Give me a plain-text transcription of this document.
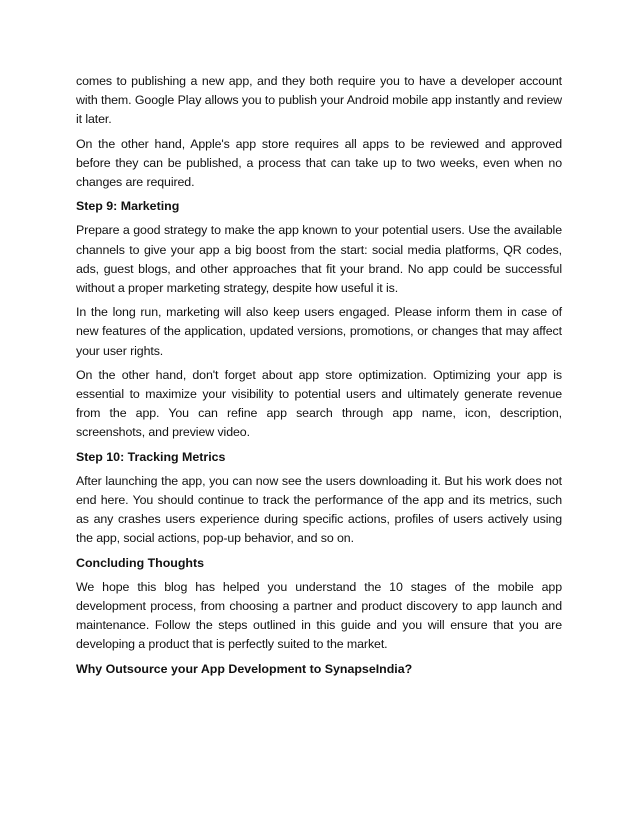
comes to publishing a new app, and they both require you to have a developer account with them. Google Play allows you to publish your Android mobile app instantly and review it later.

On the other hand, Apple's app store requires all apps to be reviewed and approved before they can be published, a process that can take up to two weeks, even when no changes are required.

Step 9: Marketing

Prepare a good strategy to make the app known to your potential users. Use the available channels to give your app a big boost from the start: social media platforms, QR codes, ads, guest blogs, and other approaches that fit your brand. No app could be successful without a proper marketing strategy, despite how useful it is.

In the long run, marketing will also keep users engaged. Please inform them in case of new features of the application, updated versions, promotions, or changes that may affect your user rights.

On the other hand, don't forget about app store optimization. Optimizing your app is essential to maximize your visibility to potential users and ultimately generate revenue from the app. You can refine app search through app name, icon, description, screenshots, and preview video.

Step 10: Tracking Metrics

After launching the app, you can now see the users downloading it. But his work does not end here. You should continue to track the performance of the app and its metrics, such as any crashes users experience during specific actions, profiles of users actively using the app, social actions, pop-up behavior, and so on.

Concluding Thoughts

We hope this blog has helped you understand the 10 stages of the mobile app development process, from choosing a partner and product discovery to app launch and maintenance. Follow the steps outlined in this guide and you will ensure that you are developing a product that is perfectly suited to the market.

Why Outsource your App Development to SynapseIndia?
